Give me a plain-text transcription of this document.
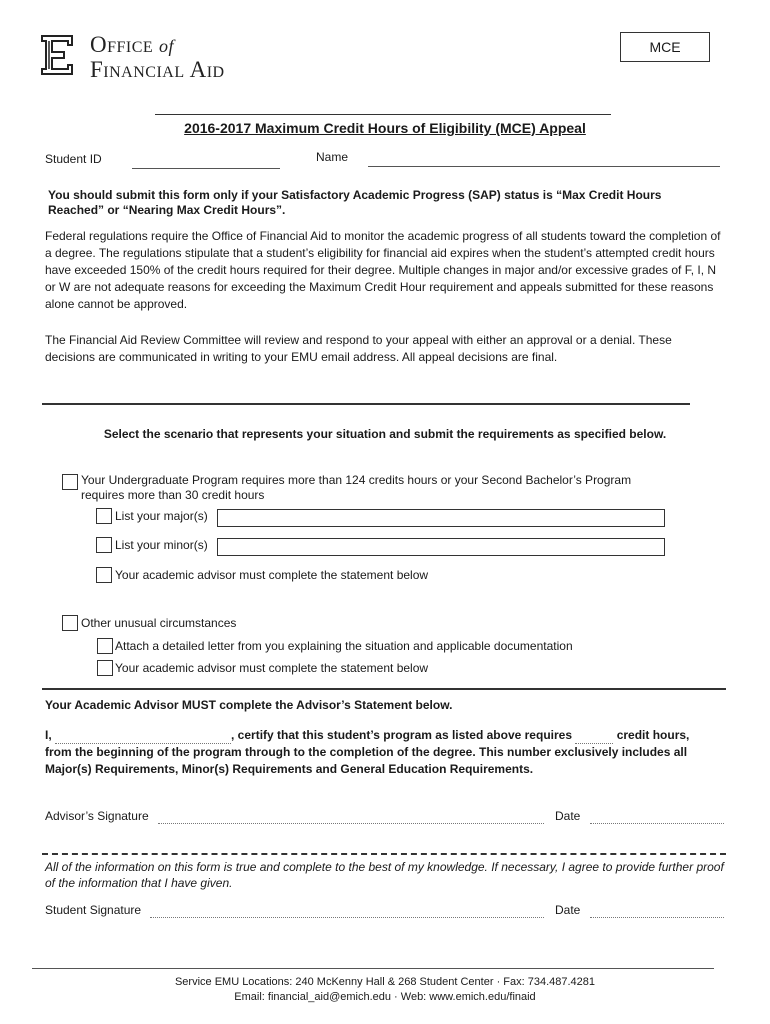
Office of
Financial Aid
MCE
2016-2017 Maximum Credit Hours of Eligibility (MCE) Appeal
Student ID	Name
You should submit this form only if your Satisfactory Academic Progress (SAP) status is “Max Credit Hours Reached” or “Nearing Max Credit Hours”.
Federal regulations require the Office of Financial Aid to monitor the academic progress of all students toward the completion of a degree. The regulations stipulate that a student’s eligibility for financial aid expires when the student’s attempted credit hours have exceeded 150% of the credit hours required for their degree. Multiple changes in major and/or excessive grades of F, I, N or W are not adequate reasons for exceeding the Maximum Credit Hour requirement and appeals submitted for these reasons alone cannot be approved.
The Financial Aid Review Committee will review and respond to your appeal with either an approval or a denial. These decisions are communicated in writing to your EMU email address. All appeal decisions are final.
Select the scenario that represents your situation and submit the requirements as specified below.
Your Undergraduate Program requires more than 124 credits hours or your Second Bachelor’s Program
requires more than 30 credit hours
List your major(s)
List your minor(s)
Your academic advisor must complete the statement below
Other unusual circumstances
Attach a detailed letter from you explaining the situation and applicable documentation
Your academic advisor must complete the statement below
Your Academic Advisor MUST complete the Advisor’s Statement below.
I,	, certify that this student’s program as listed above requires	credit hours,
from the beginning of the program through to the completion of the degree. This number exclusively includes all Major(s) Requirements, Minor(s) Requirements and General Education Requirements.
Advisor’s Signature	Date
All of the information on this form is true and complete to the best of my knowledge. If necessary, I agree to provide further proof of the information that I have given.
Student Signature	Date
Service EMU Locations: 240 McKenny Hall & 268 Student Center · Fax: 734.487.4281
Email: financial_aid@emich.edu · Web: www.emich.edu/finaid
